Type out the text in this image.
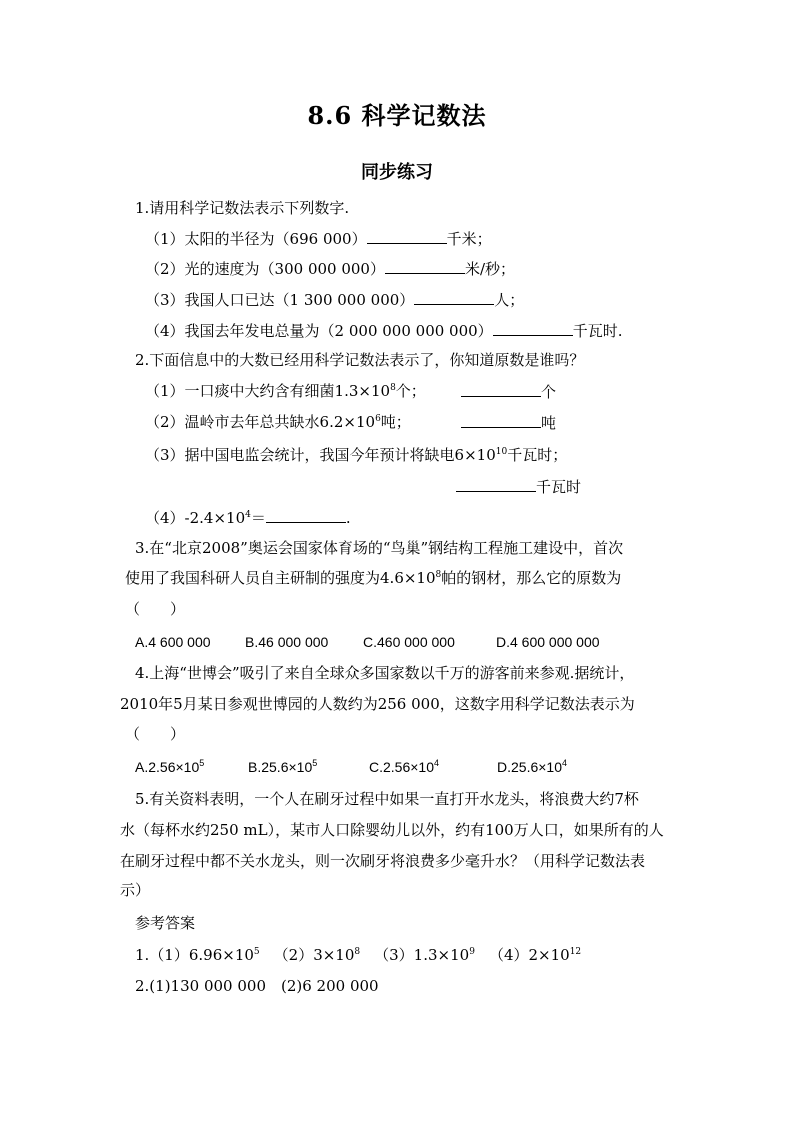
8.6 科学记数法
同步练习
1.请用科学记数法表示下列数字.
（1）太阳的半径为（696 000）	千米；
（2）光的速度为（300 000 000）	米/秒；
（3）我国人口已达（1 300 000 000）	人；
（4）我国去年发电总量为（2 000 000 000 000）	千瓦时.
2.下面信息中的大数已经用科学记数法表示了，你知道原数是谁吗？
（1）一口痰中大约含有细菌$1.3\times 10^8$个；	个
（2）温岭市去年总共缺水$6.2\times 10^6$吨；	吨
（3）据中国电监会统计，我国今年预计将缺电$6\times 10^{10}$千瓦时；
千瓦时
$(4)-2.4\times 10^4=$	.
3.在“北京2008”奥运会国家体育场的“鸟巢”钢结构工程施工建设中，首次
使用了我国科研人员自主研制的强度为$4.6\times 10^8$帕的钢材，那么它的原数为
（　　）
A.4 600 000 B.46 000 000 C.460 000 000	D.4 600 000 000
4.上海“世博会”吸引了来自全球众多国家数以千万的游客前来参观.据统计，
2010年5月某日参观世博园的人数约为256 000，这数字用科学记数法表示为
（　　）
$A.2.56\times 10^5$	$B.25.6\times 10^5$	$C.2.56\times 10^4$	$D.25.6\times 10^4$
5.有关资料表明，一个人在刷牙过程中如果一直打开水龙头，将浪费大约7杯
水（每杯水约250 mL），某市人口除婴幼儿以外，约有100万人口，如果所有的人
在刷牙过程中都不关水龙头，则一次刷牙将浪费多少毫升水？（用科学记数法表
示）
参考答案
$1.(1)6.96\times 10^5$ $(2)3\times 10^8$ $(3)1.3\times 10^9$ $(4)2\times 10^{12}$
2.(1)130 000 000　(2)6 200 000
